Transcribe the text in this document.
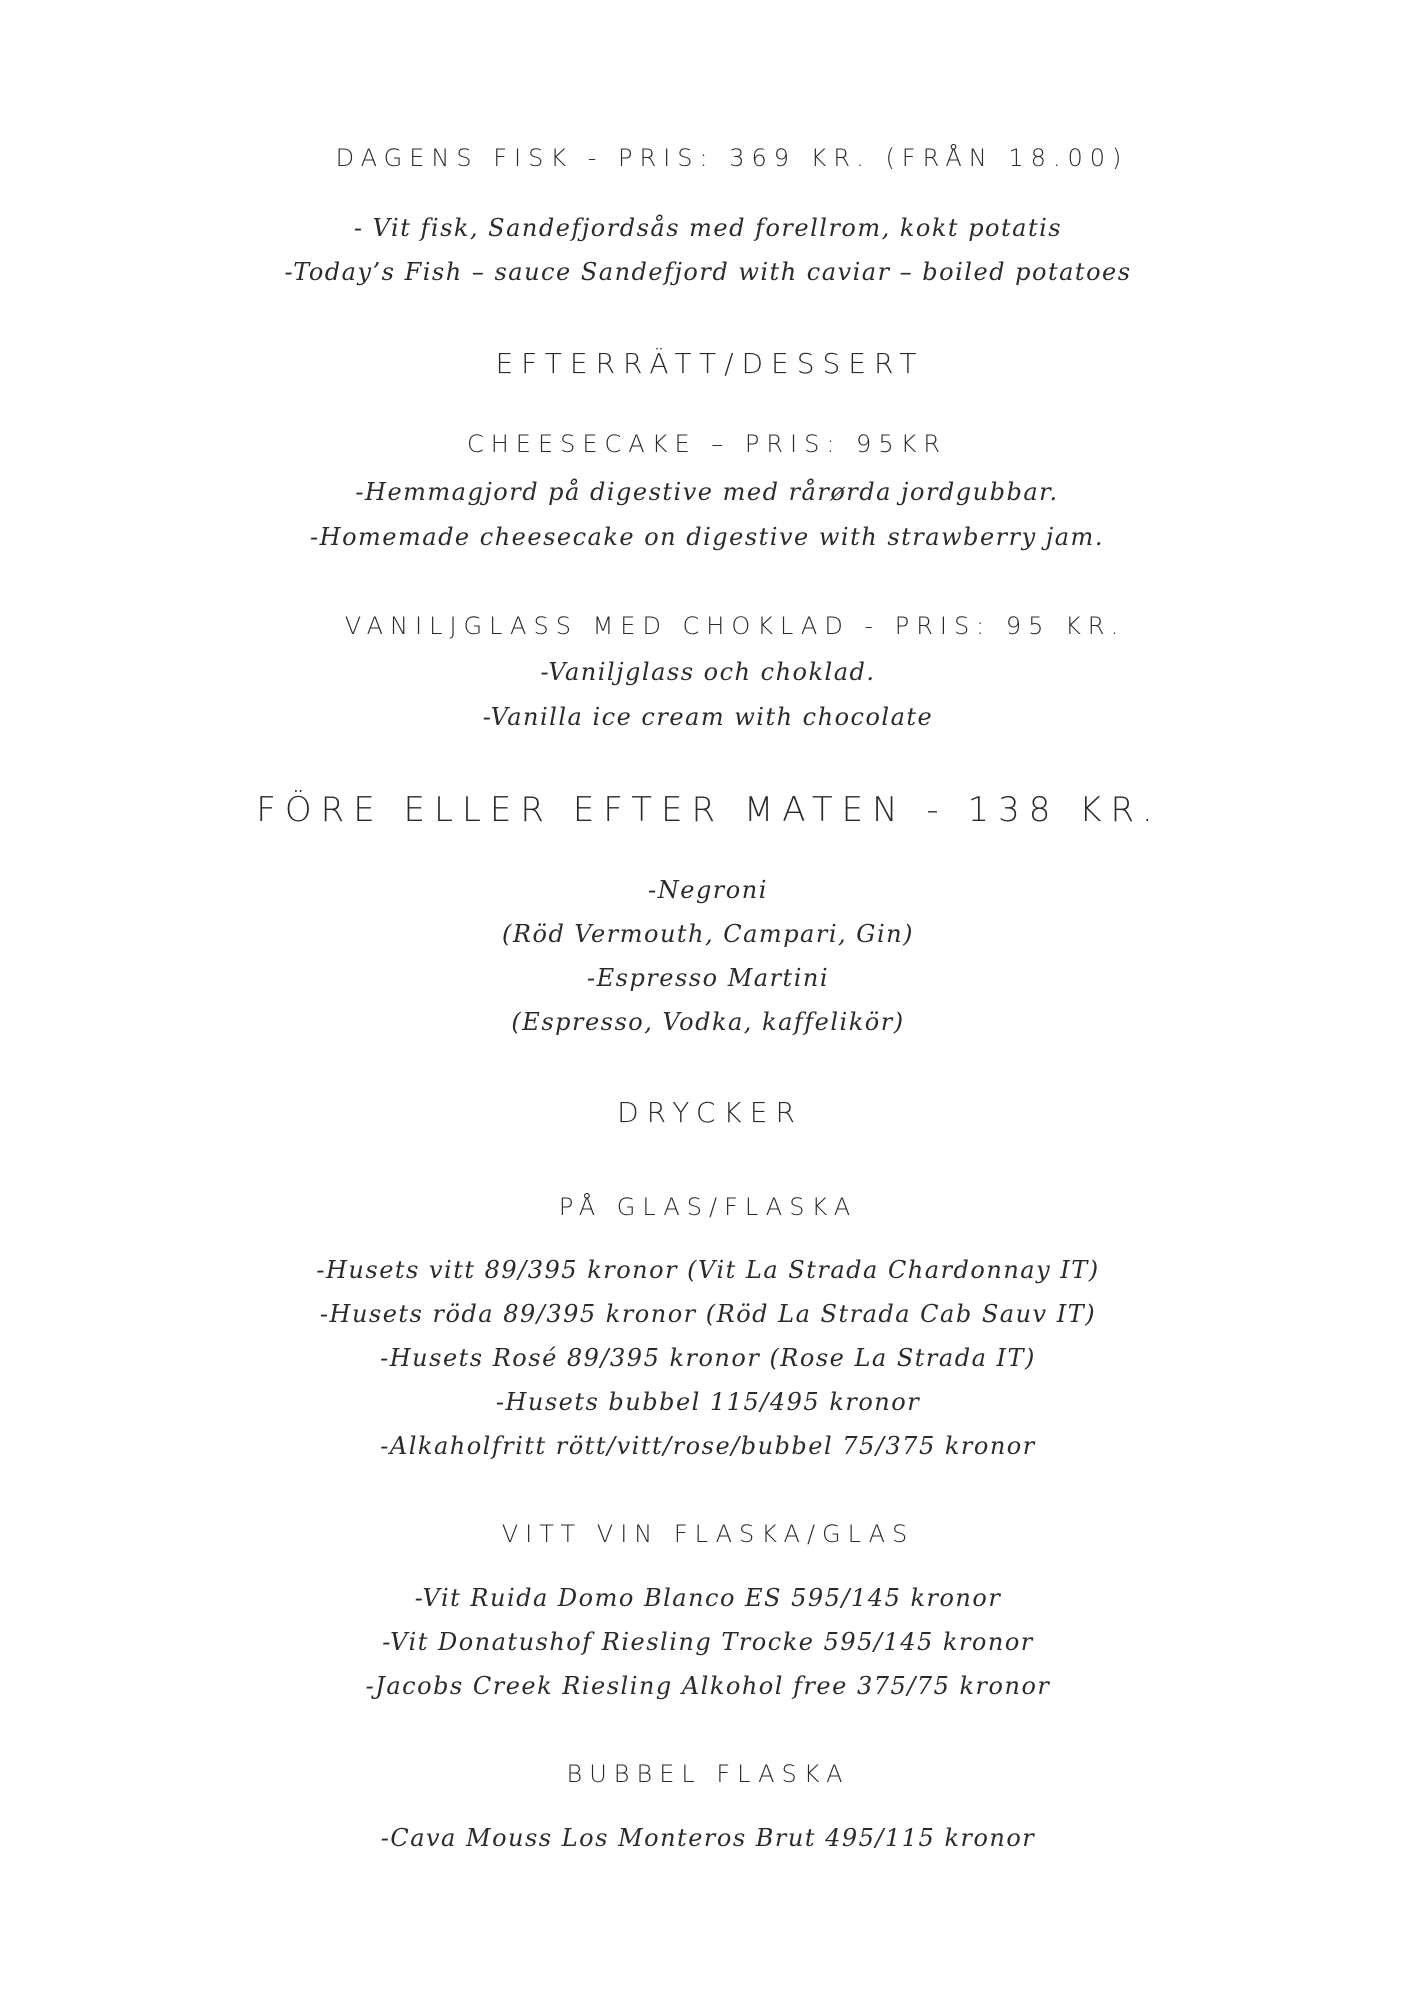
DAGENS FISK - PRIS: 369 KR. (FRÅN 18.00)
- Vit fisk, Sandefjordsås med forellrom, kokt potatis
-Today’s Fish – sauce Sandefjord with caviar – boiled potatoes
EFTERRÄTT/DESSERT
CHEESECAKE – PRIS: 95KR
-Hemmagjord på digestive med rårørda jordgubbar.
-Homemade cheesecake on digestive with strawberry jam.
VANILJGLASS MED CHOKLAD - PRIS: 95 KR.
-Vaniljglass och choklad.
-Vanilla ice cream with chocolate
FÖRE ELLER EFTER MATEN - 138 KR.
-Negroni
(Röd Vermouth, Campari, Gin)
-Espresso Martini
(Espresso, Vodka, kaffelikör)
DRYCKER
PÅ GLAS/FLASKA
-Husets vitt 89/395 kronor (Vit La Strada Chardonnay IT)
-Husets röda 89/395 kronor (Röd La Strada Cab Sauv IT)
-Husets Rosé 89/395 kronor (Rose La Strada IT)
-Husets bubbel 115/495 kronor
-Alkaholfritt rött/vitt/rose/bubbel 75/375 kronor
VITT VIN FLASKA/GLAS
-Vit Ruida Domo Blanco ES 595/145 kronor
-Vit Donatushof Riesling Trocke 595/145 kronor
-Jacobs Creek Riesling Alkohol free 375/75 kronor
BUBBEL FLASKA
-Cava Mouss Los Monteros Brut 495/115 kronor
